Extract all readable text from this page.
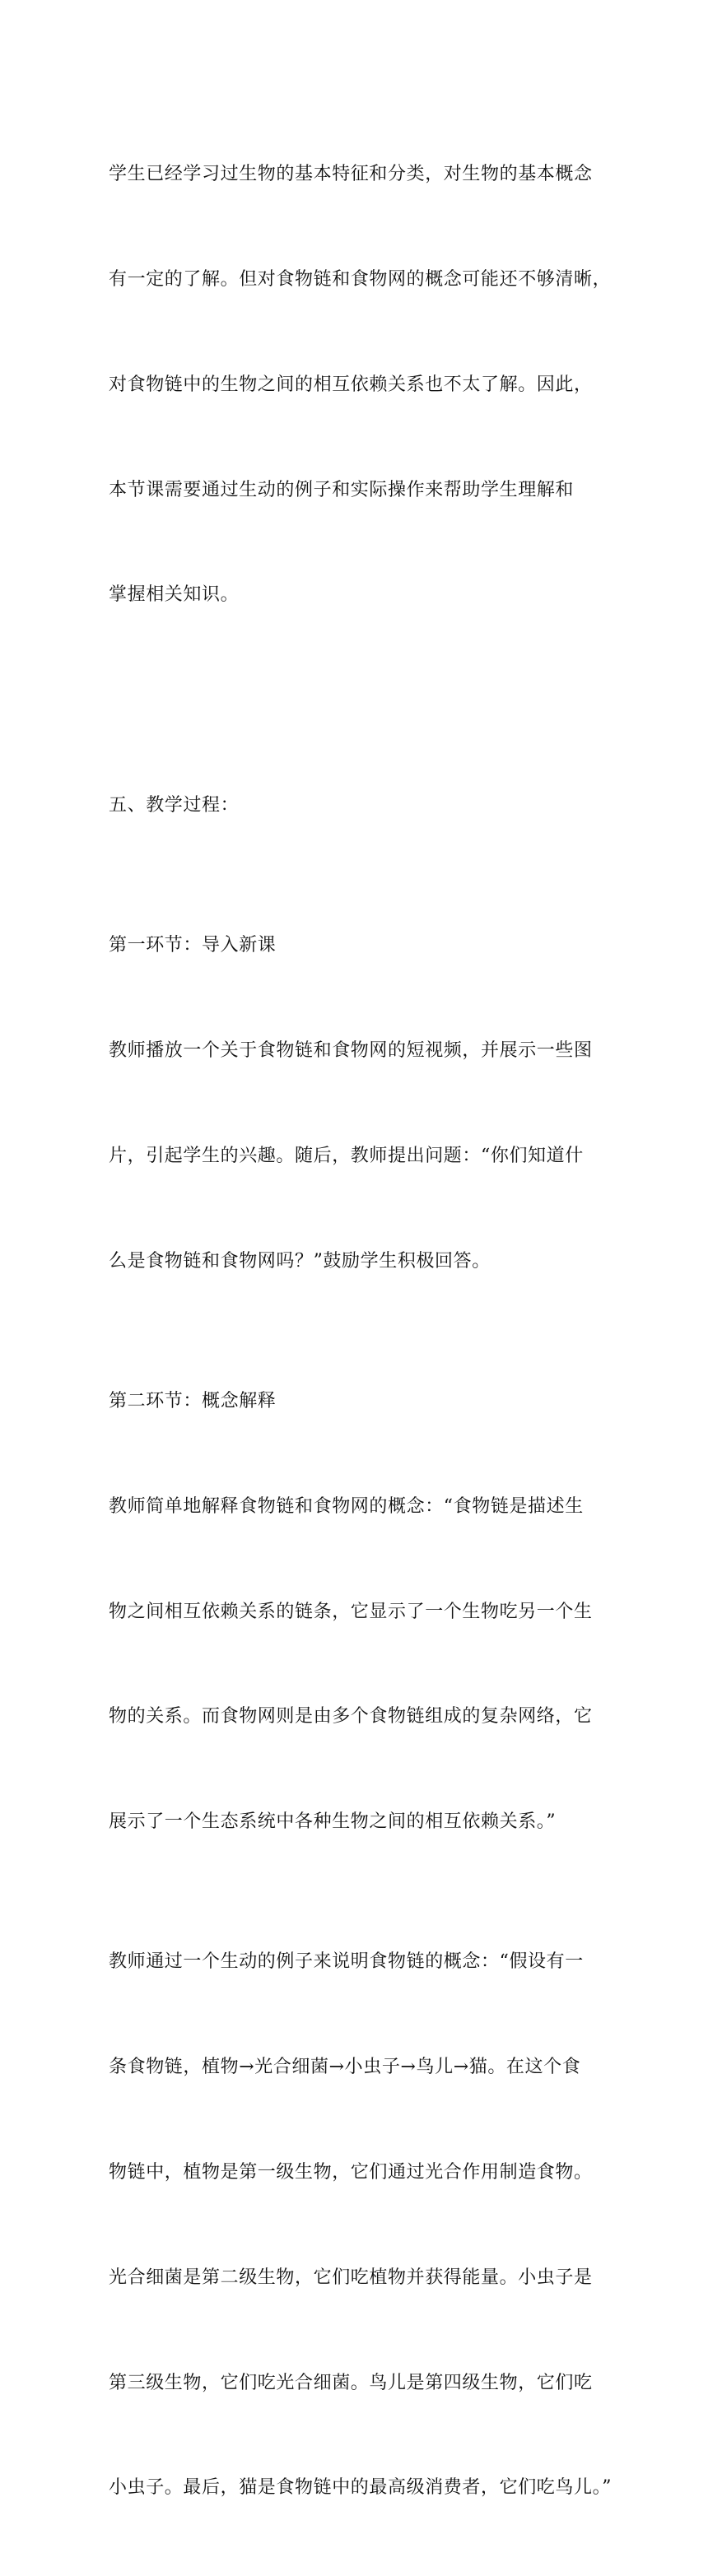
学生已经学习过生物的基本特征和分类，对生物的基本概念

有一定的了解。但对食物链和食物网的概念可能还不够清晰，

对食物链中的生物之间的相互依赖关系也不太了解。因此，

本节课需要通过生动的例子和实际操作来帮助学生理解和

掌握相关知识。

五、教学过程：

第一环节：导入新课

教师播放一个关于食物链和食物网的短视频，并展示一些图

片，引起学生的兴趣。随后，教师提出问题：“你们知道什

么是食物链和食物网吗？”鼓励学生积极回答。

第二环节：概念解释

教师简单地解释食物链和食物网的概念：“食物链是描述生

物之间相互依赖关系的链条，它显示了一个生物吃另一个生

物的关系。而食物网则是由多个食物链组成的复杂网络，它

展示了一个生态系统中各种生物之间的相互依赖关系。”

教师通过一个生动的例子来说明食物链的概念：“假设有一

条食物链，植物→光合细菌→小虫子→鸟儿→猫。在这个食

物链中，植物是第一级生物，它们通过光合作用制造食物。

光合细菌是第二级生物，它们吃植物并获得能量。小虫子是

第三级生物，它们吃光合细菌。鸟儿是第四级生物，它们吃

小虫子。最后，猫是食物链中的最高级消费者，它们吃鸟儿。”
